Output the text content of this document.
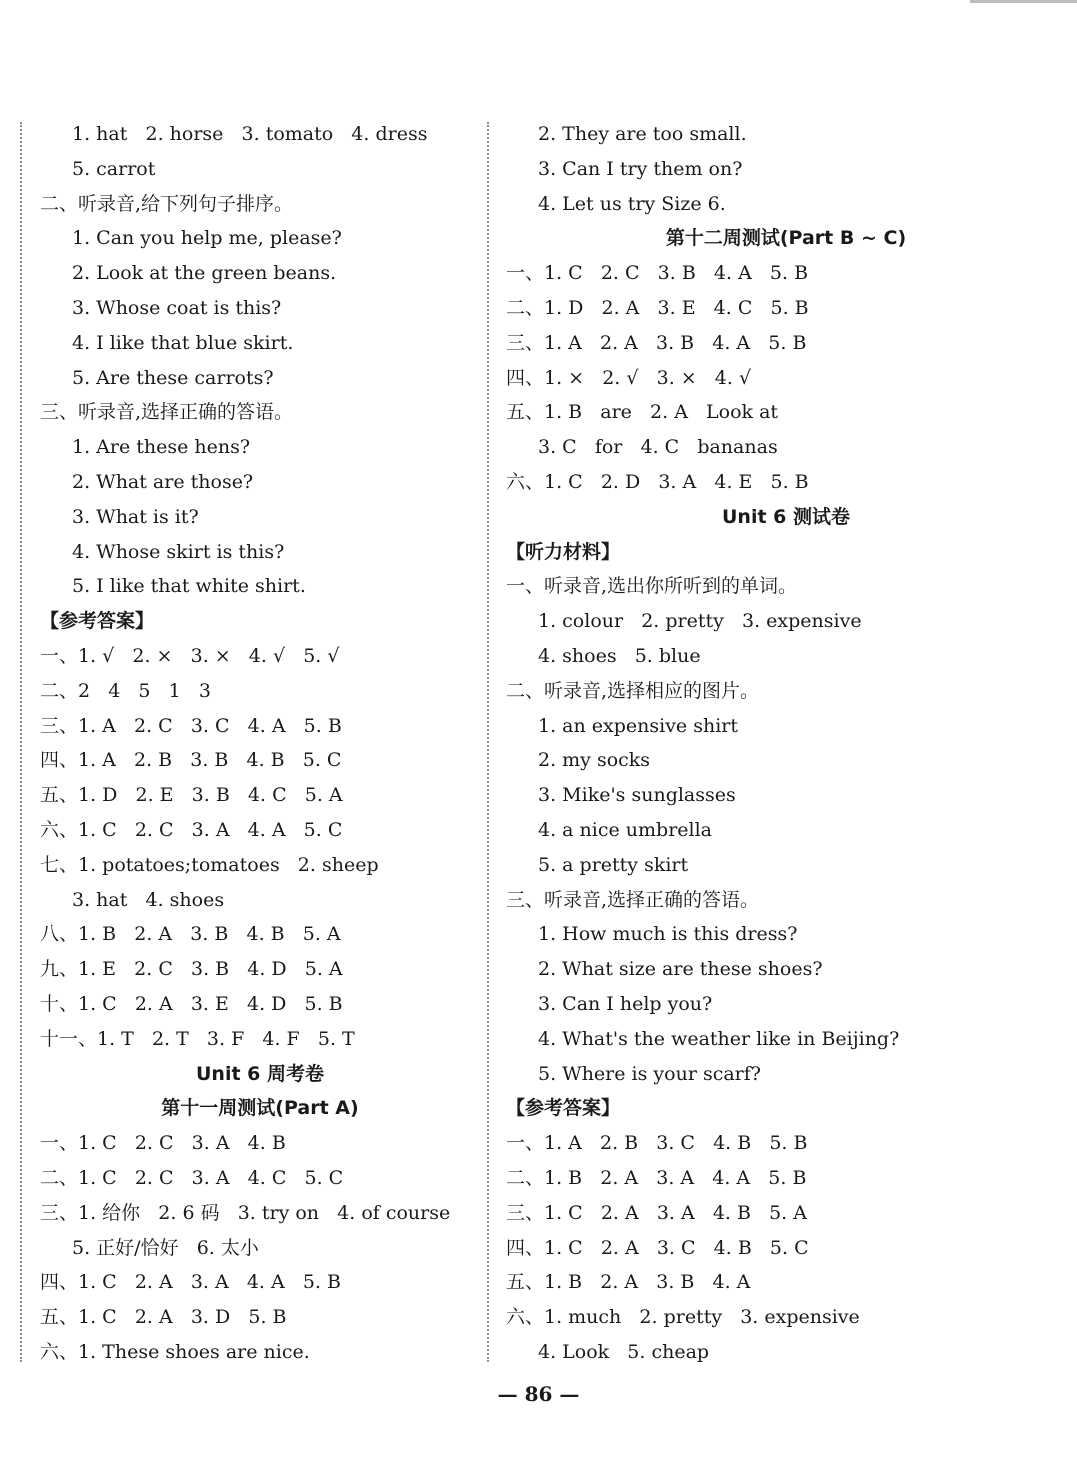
1. hat   2. horse   3. tomato   4. dress
5. carrot
二、听录音,给下列句子排序。
1. Can you help me, please?
2. Look at the green beans.
3. Whose coat is this?
4. I like that blue skirt.
5. Are these carrots?
三、听录音,选择正确的答语。
1. Are these hens?
2. What are those?
3. What is it?
4. Whose skirt is this?
5. I like that white shirt.
【参考答案】
一、1. √   2. ×   3. ×   4. √   5. √
二、2   4   5   1   3
三、1. A   2. C   3. C   4. A   5. B
四、1. A   2. B   3. B   4. B   5. C
五、1. D   2. E   3. B   4. C   5. A
六、1. C   2. C   3. A   4. A   5. C
七、1. potatoes;tomatoes   2. sheep
3. hat   4. shoes
八、1. B   2. A   3. B   4. B   5. A
九、1. E   2. C   3. B   4. D   5. A
十、1. C   2. A   3. E   4. D   5. B
十一、1. T   2. T   3. F   4. F   5. T
Unit 6 周考卷
第十一周测试(Part A)
一、1. C   2. C   3. A   4. B
二、1. C   2. C   3. A   4. C   5. C
三、1. 给你   2. 6 码   3. try on   4. of course
5. 正好/恰好   6. 太小
四、1. C   2. A   3. A   4. A   5. B
五、1. C   2. A   3. D   5. B
六、1. These shoes are nice.
2. They are too small.
3. Can I try them on?
4. Let us try Size 6.
第十二周测试(Part B ~ C)
一、1. C   2. C   3. B   4. A   5. B
二、1. D   2. A   3. E   4. C   5. B
三、1. A   2. A   3. B   4. A   5. B
四、1. ×   2. √   3. ×   4. √
五、1. B   are   2. A   Look at
3. C   for   4. C   bananas
六、1. C   2. D   3. A   4. E   5. B
Unit 6 测试卷
【听力材料】
一、听录音,选出你所听到的单词。
1. colour   2. pretty   3. expensive
4. shoes   5. blue
二、听录音,选择相应的图片。
1. an expensive shirt
2. my socks
3. Mike's sunglasses
4. a nice umbrella
5. a pretty skirt
三、听录音,选择正确的答语。
1. How much is this dress?
2. What size are these shoes?
3. Can I help you?
4. What's the weather like in Beijing?
5. Where is your scarf?
【参考答案】
一、1. A   2. B   3. C   4. B   5. B
二、1. B   2. A   3. A   4. A   5. B
三、1. C   2. A   3. A   4. B   5. A
四、1. C   2. A   3. C   4. B   5. C
五、1. B   2. A   3. B   4. A
六、1. much   2. pretty   3. expensive
4. Look   5. cheap
— 86 —
